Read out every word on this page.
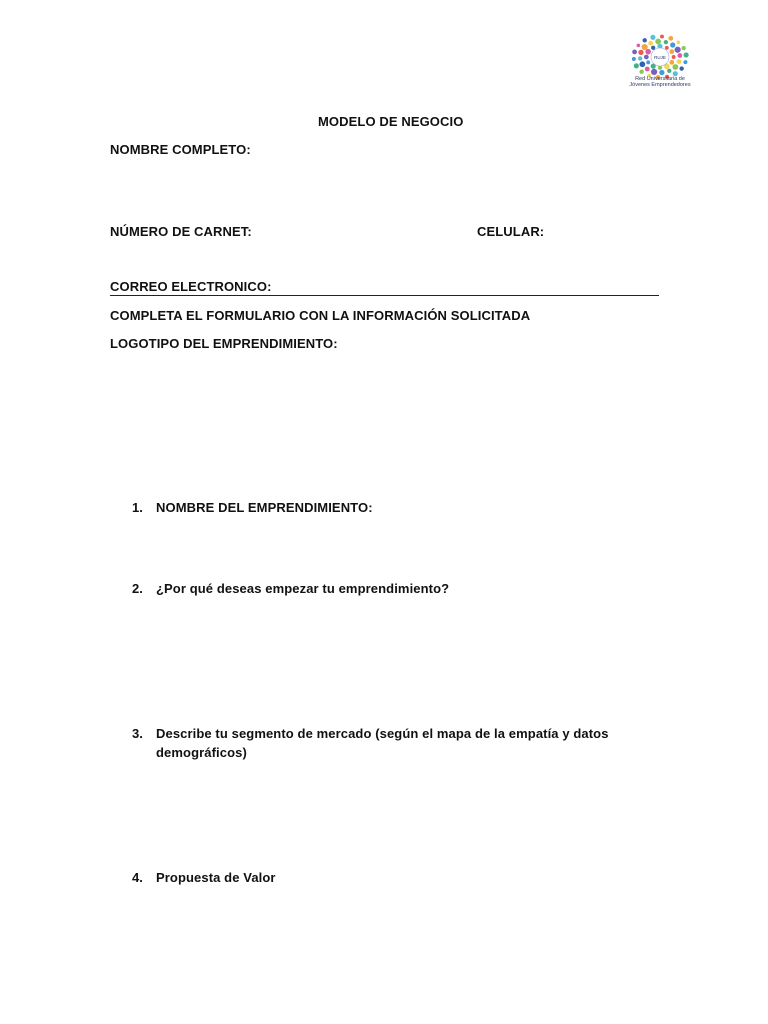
RUJE
Red Universitaria de
Jóvenes Emprendedores
MODELO DE NEGOCIO
NOMBRE COMPLETO:
NÚMERO DE CARNET:	CELULAR:
CORREO ELECTRONICO:
COMPLETA EL FORMULARIO CON LA INFORMACIÓN SOLICITADA
LOGOTIPO DEL EMPRENDIMIENTO:
1. NOMBRE DEL EMPRENDIMIENTO:
2. ¿Por qué deseas empezar tu emprendimiento?
3. Describe tu segmento de mercado (según el mapa de la empatía y datos
demográficos)
4. Propuesta de Valor
